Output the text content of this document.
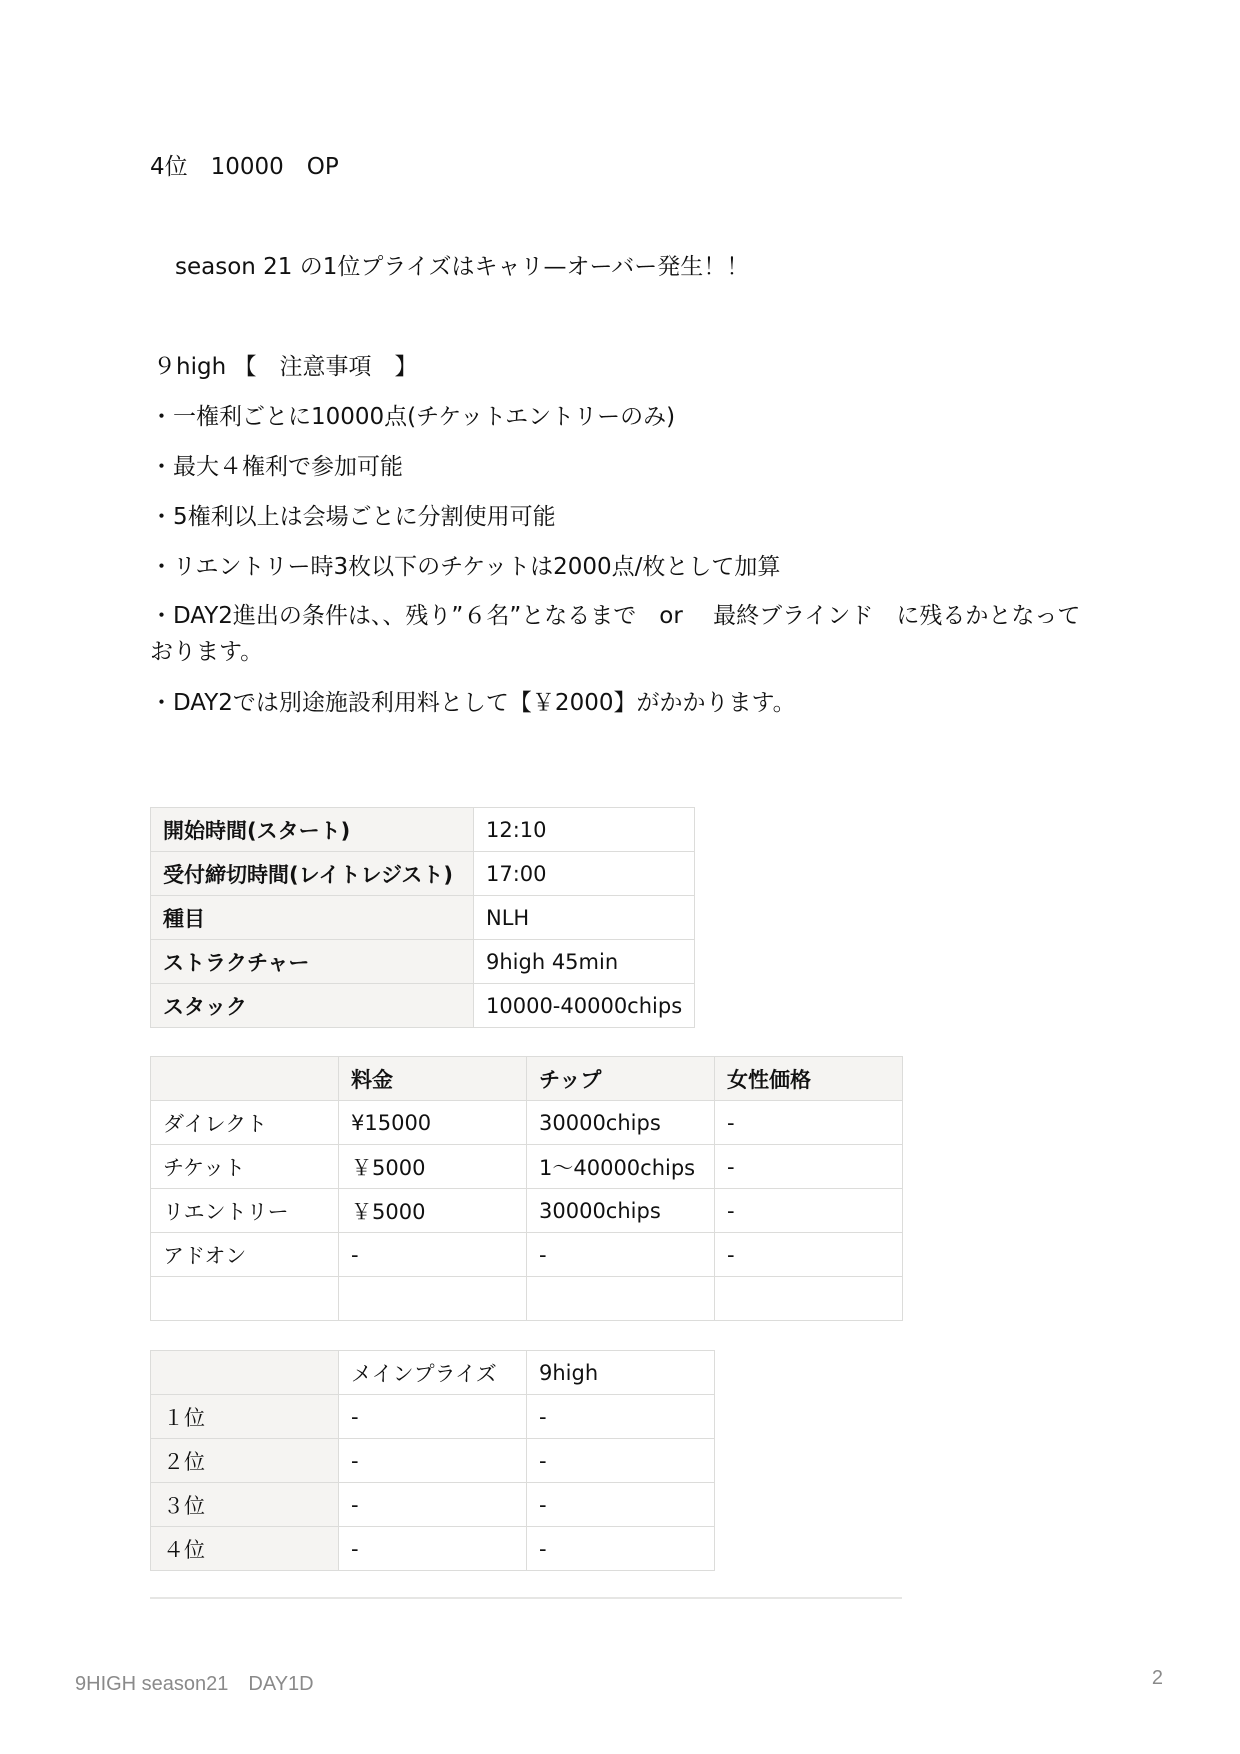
4位　10000　OP
season 21 の1位プライズはキャリ—オーバー発生！！
９high 【　注意事項　】
・一権利ごとに10000点(チケットエントリーのみ)
・最大４権利で参加可能
・5権利以上は会場ごとに分割使用可能
・リエントリー時3枚以下のチケットは2000点/枚として加算
・DAY2進出の条件は、、残り”６名”となるまで　or　 最終ブラインド　に残るかとなっております。
・DAY2では別途施設利用料として【￥2000】がかかります。
開始時間(スタート)	12:10
受付締切時間(レイトレジスト)	17:00
種目	NLH
ストラクチャー	9high 45min
スタック	10000-40000chips
	料金	チップ	女性価格
ダイレクト	¥15000	30000chips	-
チケット	￥5000	1〜40000chips	-
リエントリー	￥5000	30000chips	-
アドオン	-	-	-

	メインプライズ	9high
１位	-	-
２位	-	-
３位	-	-
４位	-	-
9HIGH season21　DAY1D	2
